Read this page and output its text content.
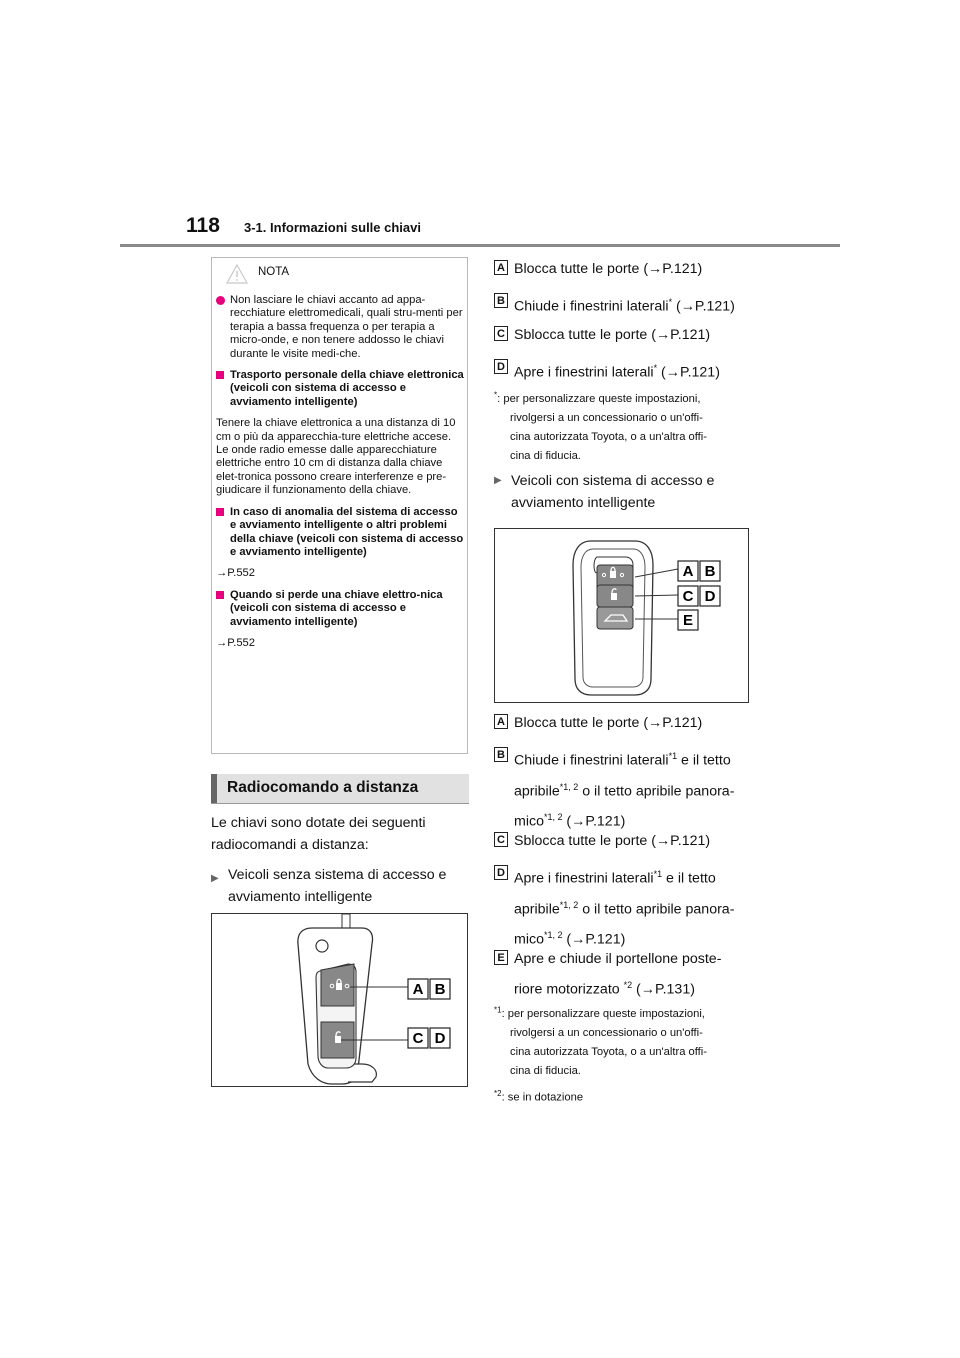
118 3-1. Informazioni sulle chiavi
NOTA

Non lasciare le chiavi accanto ad appa-recchiature elettromedicali, quali stru-menti per terapia a bassa frequenza o per terapia a micro-onde, e non tenere addosso le chiavi durante le visite medi-che.

Trasporto personale della chiave elettronica (veicoli con sistema di accesso e avviamento intelligente)

Tenere la chiave elettronica a una distanza di 10 cm o più da apparecchia-ture elettriche accese. Le onde radio emesse dalle apparecchiature elettriche entro 10 cm di distanza dalla chiave elet-tronica possono creare interferenze e pre-giudicare il funzionamento della chiave.

In caso di anomalia del sistema di accesso e avviamento intelligente o altri problemi della chiave (veicoli con sistema di accesso e avviamento intelligente)

→P.552

Quando si perde una chiave elettro-nica (veicoli con sistema di accesso e avviamento intelligente)

→P.552

Radiocomando a distanza
Le chiavi sono dotate dei seguenti radiocomandi a distanza:
▶ Veicoli senza sistema di accesso e avviamento intelligente
A B
C D
A Blocca tutte le porte (→P.121)
B Chiude i finestrini laterali* (→P.121)
C Sblocca tutte le porte (→P.121)
D Apre i finestrini laterali* (→P.121)
*: per personalizzare queste impostazioni,
rivolgersi a un concessionario o un'offi-
cina autorizzata Toyota, o a un'altra offi-
cina di fiducia.
▶ Veicoli con sistema di accesso e avviamento intelligente
A B
C D
E
A Blocca tutte le porte (→P.121)
B Chiude i finestrini laterali$^{*1}$ e il tetto
apribile$^{*1, 2}$ o il tetto apribile panora-
mico$^{*1, 2}$ (→P.121)
C Sblocca tutte le porte (→P.121)
D Apre i finestrini laterali$^{*1}$ e il tetto
apribile$^{*1, 2}$ o il tetto apribile panora-
mico$^{*1, 2}$ (→P.121)
E Apre e chiude il portellone poste-
riore motorizzato $^{*2}$ (→P.131)
$^{*1}$: per personalizzare queste impostazioni,
rivolgersi a un concessionario o un'offi-
cina autorizzata Toyota, o a un'altra offi-
cina di fiducia.
$^{*2}$: se in dotazione
